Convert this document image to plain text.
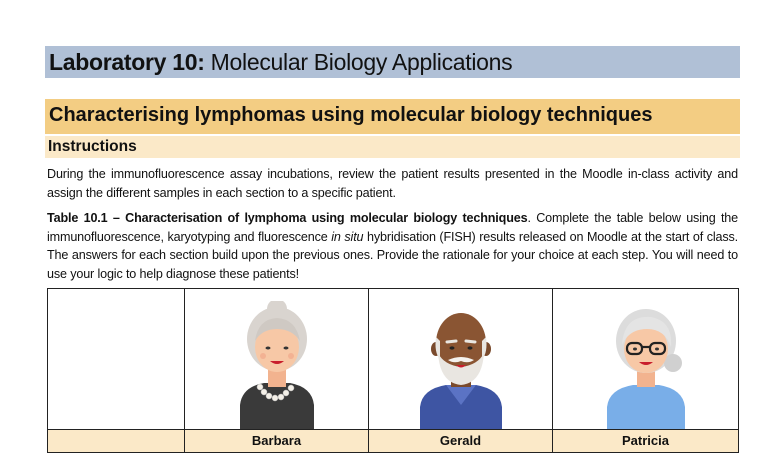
Laboratory 10: Molecular Biology Applications
Characterising lymphomas using molecular biology techniques
Instructions
During the immunofluorescence assay incubations, review the patient results presented in the Moodle in-class activity and assign the different samples in each section to a specific patient.
Table 10.1 – Characterisation of lymphoma using molecular biology techniques. Complete the table below using the immunofluorescence, karyotyping and fluorescence in situ hybridisation (FISH) results released on Moodle at the start of class. The answers for each section build upon the previous ones. Provide the rationale for your choice at each step. You will need to use your logic to help diagnose these patients!

	Barbara	Gerald	Patricia
